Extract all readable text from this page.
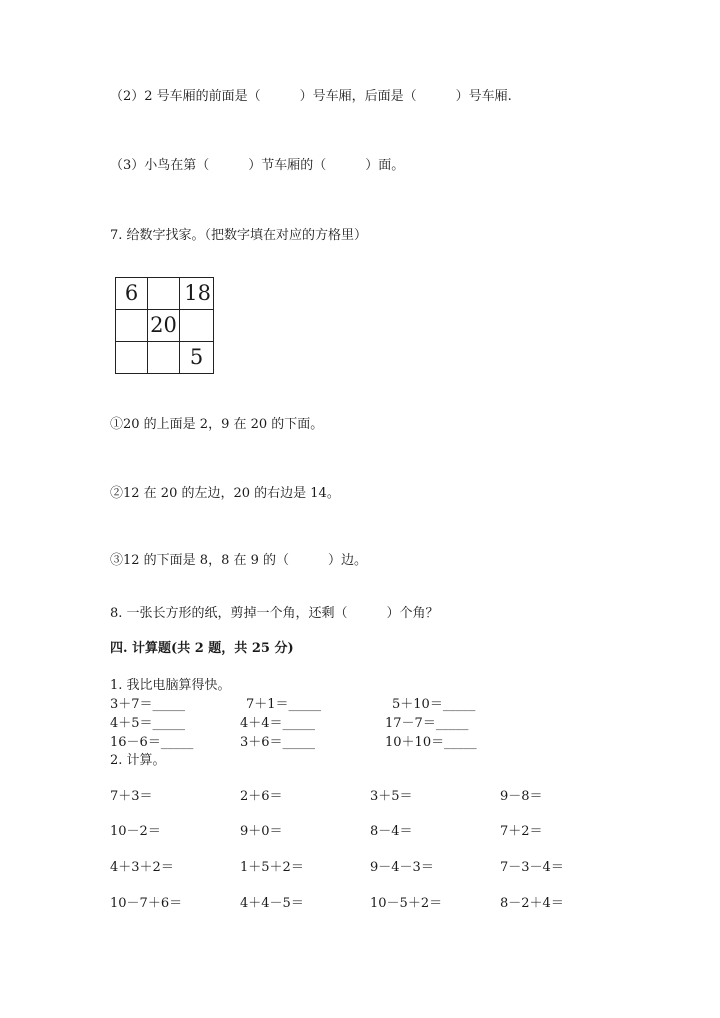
（2）2 号车厢的前面是（　　　）号车厢，后面是（　　　）号车厢.
（3）小鸟在第（　　　）节车厢的（　　　）面。
7. 给数字找家。（把数字填在对应的方格里）
6		18
	20	
		5
①20 的上面是 2，9 在 20 的下面。
②12 在 20 的左边，20 的右边是 14。
③12 的下面是 8，8 在 9 的（　　　）边。
8. 一张长方形的纸，剪掉一个角，还剩（　　　）个角？
四. 计算题(共 2 题，共 25 分)
1. 我比电脑算得快。
3＋7＝_____	7＋1＝_____	5＋10＝_____
4＋5＝_____	4＋4＝_____	17－7＝_____
16－6＝_____	3＋6＝_____	10＋10＝_____
2. 计算。
7＋3＝	2＋6＝	3＋5＝	9－8＝
10－2＝	9＋0＝	8－4＝	7＋2＝
4＋3＋2＝	1＋5＋2＝	9－4－3＝	7－3－4＝
10－7＋6＝	4＋4－5＝	10－5＋2＝	8－2＋4＝
